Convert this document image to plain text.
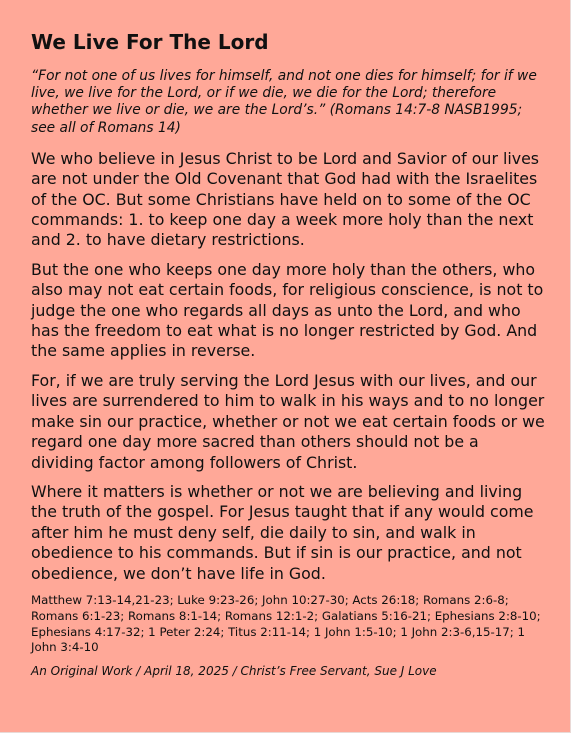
We Live For The Lord

“For not one of us lives for himself, and not one dies for himself; for if we live, we live for the Lord, or if we die, we die for the Lord; therefore whether we live or die, we are the Lord’s.” (Romans 14:7-8 NASB1995; see all of Romans 14)

We who believe in Jesus Christ to be Lord and Savior of our lives are not under the Old Covenant that God had with the Israelites of the OC. But some Christians have held on to some of the OC commands: 1. to keep one day a week more holy than the next and 2. to have dietary restrictions.

But the one who keeps one day more holy than the others, who also may not eat certain foods, for religious conscience, is not to judge the one who regards all days as unto the Lord, and who has the freedom to eat what is no longer restricted by God. And the same applies in reverse.

For, if we are truly serving the Lord Jesus with our lives, and our lives are surrendered to him to walk in his ways and to no longer make sin our practice, whether or not we eat certain foods or we regard one day more sacred than others should not be a dividing factor among followers of Christ.

Where it matters is whether or not we are believing and living the truth of the gospel. For Jesus taught that if any would come after him he must deny self, die daily to sin, and walk in obedience to his commands. But if sin is our practice, and not obedience, we don’t have life in God.

Matthew 7:13-14,21-23; Luke 9:23-26; John 10:27-30; Acts 26:18; Romans 2:6-8; Romans 6:1-23; Romans 8:1-14; Romans 12:1-2; Galatians 5:16-21; Ephesians 2:8-10; Ephesians 4:17-32; 1 Peter 2:24; Titus 2:11-14; 1 John 1:5-10; 1 John 2:3-6,15-17; 1 John 3:4-10

An Original Work / April 18, 2025 / Christ’s Free Servant, Sue J Love
